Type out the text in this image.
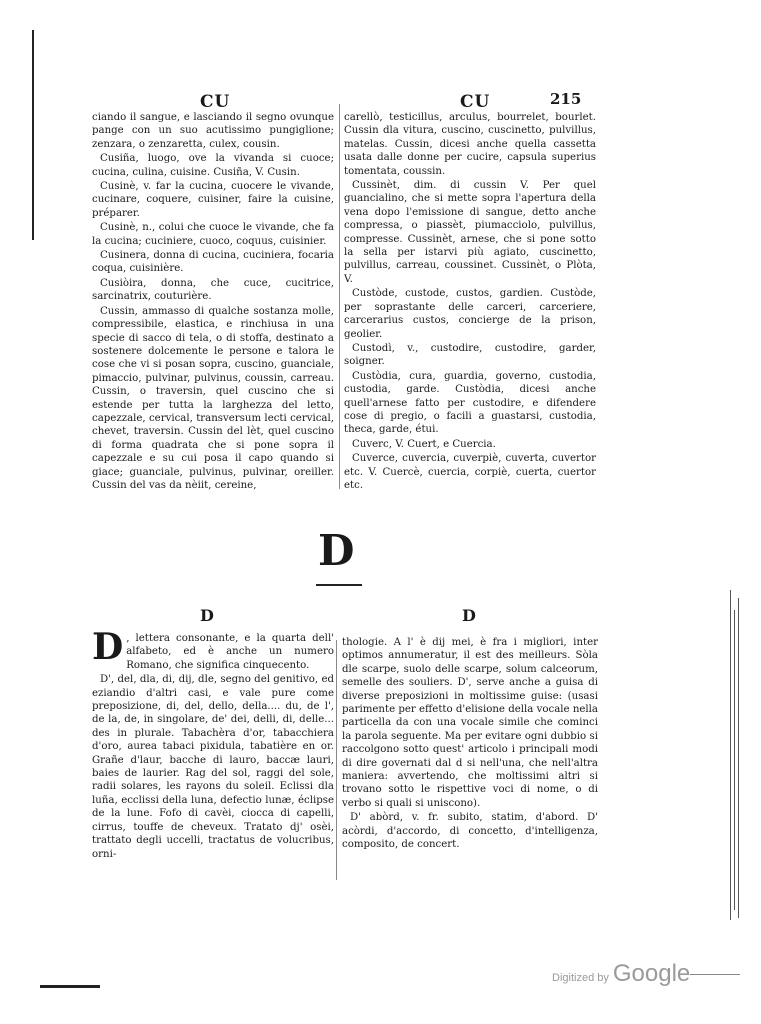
CU	CU	215

ciando il sangue, e lasciando il segno ovunque pange con un suo acutissimo pungiglione; zenzara, o zenzaretta, culex, cousin.

Cusiña, luogo, ove la vivanda si cuoce; cucina, culina, cuisine. Cusiña, V. Cusin.

Cusinè, v. far la cucina, cuocere le vivande, cucinare, coquere, cuisiner, faire la cuisine, préparer.

Cusinè, n., colui che cuoce le vivande, che fa la cucina; cuciniere, cuoco, coquus, cuisinier.

Cusinera, donna di cucina, cuciniera, focaria coqua, cuisinière.

Cusiòira, donna, che cuce, cucitrice, sarcinatrix, couturière.

Cussin, ammasso di qualche sostanza molle, compressibile, elastica, e rinchiusa in una specie di sacco di tela, o di stoffa, destinato a sostenere dolcemente le persone e talora le cose che vi si posan sopra, cuscino, guanciale, pimaccio, pulvinar, pulvinus, coussin, carreau. Cussin, o traversin, quel cuscino che si estende per tutta la larghezza del letto, capezzale, cervical, transversum lecti cervical, chevet, traversin. Cussin del lèt, quel cuscino di forma quadrata che si pone sopra il capezzale e su cui posa il capo quando si giace; guanciale, pulvinus, pulvinar, oreiller. Cussin del vas da nèiit, cereine,

carellò, testicillus, arculus, bourrelet, bourlet. Cussin dla vitura, cuscino, cuscinetto, pulvillus, matelas. Cussin, dicesi anche quella cassetta usata dalle donne per cucire, capsula superius tomentata, coussin.

Cussinèt, dim. di cussin V. Per quel guancialino, che si mette sopra l'apertura della vena dopo l'emissione di sangue, detto anche compressa, o piassèt, piumacciolo, pulvillus, compresse. Cussinèt, arnese, che si pone sotto la sella per istarvi più agiato, cuscinetto, pulvillus, carreau, coussinet. Cussinèt, o Plòta, V.

Custòde, custode, custos, gardien. Custòde, per soprastante delle carceri, carceriere, carcerarius custos, concierge de la prison, geolier.

Custodì, v., custodire, custodire, garder, soigner.

Custòdia, cura, guardia, governo, custodia, custodia, garde. Custòdia, dicesi anche quell'arnese fatto per custodire, e difendere cose di pregio, o facili a guastarsi, custodia, theca, garde, étui.

Cuverc, V. Cuert, e Cuercia.

Cuverce, cuvercia, cuverpiè, cuverta, cuvertor etc. V. Cuercè, cuercia, corpiè, cuerta, cuertor etc.

D
D	D
D , lettera consonante, e la quarta dell' alfabeto, ed è anche un numero Romano, che significa cinquecento.

D', del, dla, di, dij, dle, segno del genitivo, ed eziandio d'altri casi, e vale pure come preposizione, di, del, dello, della.... du, de l', de la, de, in singolare, de' dei, delli, di, delle... des in plurale. Tabachèra d'or, tabacchiera d'oro, aurea tabaci pixidula, tabatière en or. Grañe d'laur, bacche di lauro, baccæ lauri, baies de laurier. Rag del sol, raggi del sole, radii solares, les rayons du soleil. Eclissi dla luña, ecclissi della luna, defectio lunæ, éclipse de la lune. Fofo di cavèi, ciocca di capelli, cirrus, touffe de cheveux. Tratato dj' osèi, trattato degli uccelli, tractatus de volucribus, orni-

thologie. A l' è dij mei, è fra i migliori, inter optimos annumeratur, il est des meilleurs. Sòla dle scarpe, suolo delle scarpe, solum calceorum, semelle des souliers. D', serve anche a guisa di diverse preposizioni in moltissime guise: (usasi parimente per effetto d'elisione della vocale nella particella da con una vocale simile che cominci la parola seguente. Ma per evitare ogni dubbio si raccolgono sotto quest' articolo i principali modi di dire governati dal d si nell'una, che nell'altra maniera: avvertendo, che moltissimi altri si trovano sotto le rispettive voci di nome, o di verbo si quali si uniscono).

D' abòrd, v. fr. subito, statim, d'abord. D' acòrdi, d'accordo, di concetto, d'intelligenza, composito, de concert.

Digitized by Google
